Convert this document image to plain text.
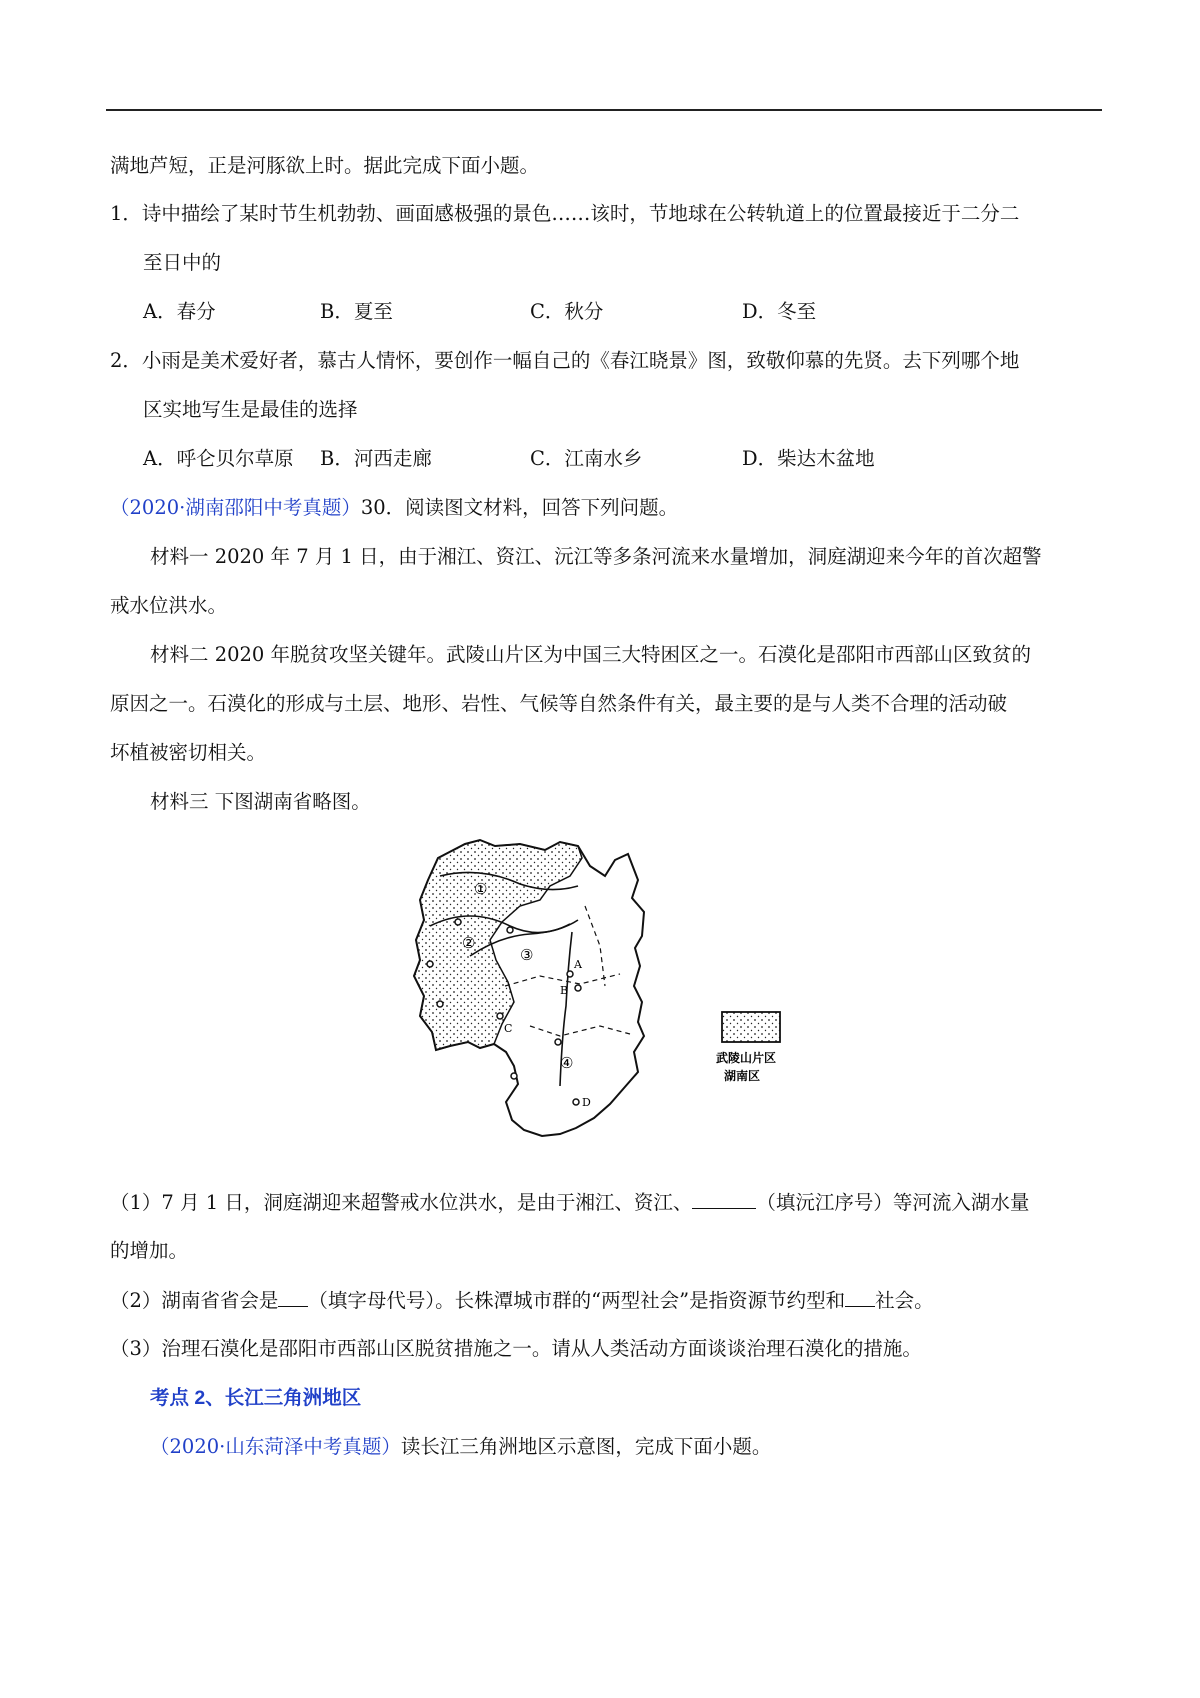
满地芦短，正是河豚欲上时。据此完成下面小题。
1．诗中描绘了某时节生机勃勃、画面感极强的景色……该时，节地球在公转轨道上的位置最接近于二分二
至日中的
A．春分	B．夏至	C．秋分	D．冬至
2．小雨是美术爱好者，慕古人情怀，要创作一幅自己的《春江晓景》图，致敬仰慕的先贤。去下列哪个地
区实地写生是最佳的选择
A．呼仑贝尔草原 B．河西走廊	C．江南水乡	D．柴达木盆地
（2020·湖南邵阳中考真题）30．阅读图文材料，回答下列问题。
材料一 2020 年 7 月 1 日，由于湘江、资江、沅江等多条河流来水量增加，洞庭湖迎来今年的首次超警
戒水位洪水。
材料二 2020 年脱贫攻坚关键年。武陵山片区为中国三大特困区之一。石漠化是邵阳市西部山区致贫的
原因之一。石漠化的形成与土层、地形、岩性、气候等自然条件有关，最主要的是与人类不合理的活动破
坏植被密切相关。
材料三 下图湖南省略图。
①
②
③
④
A
B
C
D
武陵山片区
湖南区
（1）7 月 1 日，洞庭湖迎来超警戒水位洪水，是由于湘江、资江、	（填沅江序号）等河流入湖水量
的增加。
（2）湖南省省会是 （填字母代号）。长株潭城市群的“两型社会”是指资源节约型和 社会。
（3）治理石漠化是邵阳市西部山区脱贫措施之一。请从人类活动方面谈谈治理石漠化的措施。
考点 2、长江三角洲地区
（2020·山东菏泽中考真题）读长江三角洲地区示意图，完成下面小题。
